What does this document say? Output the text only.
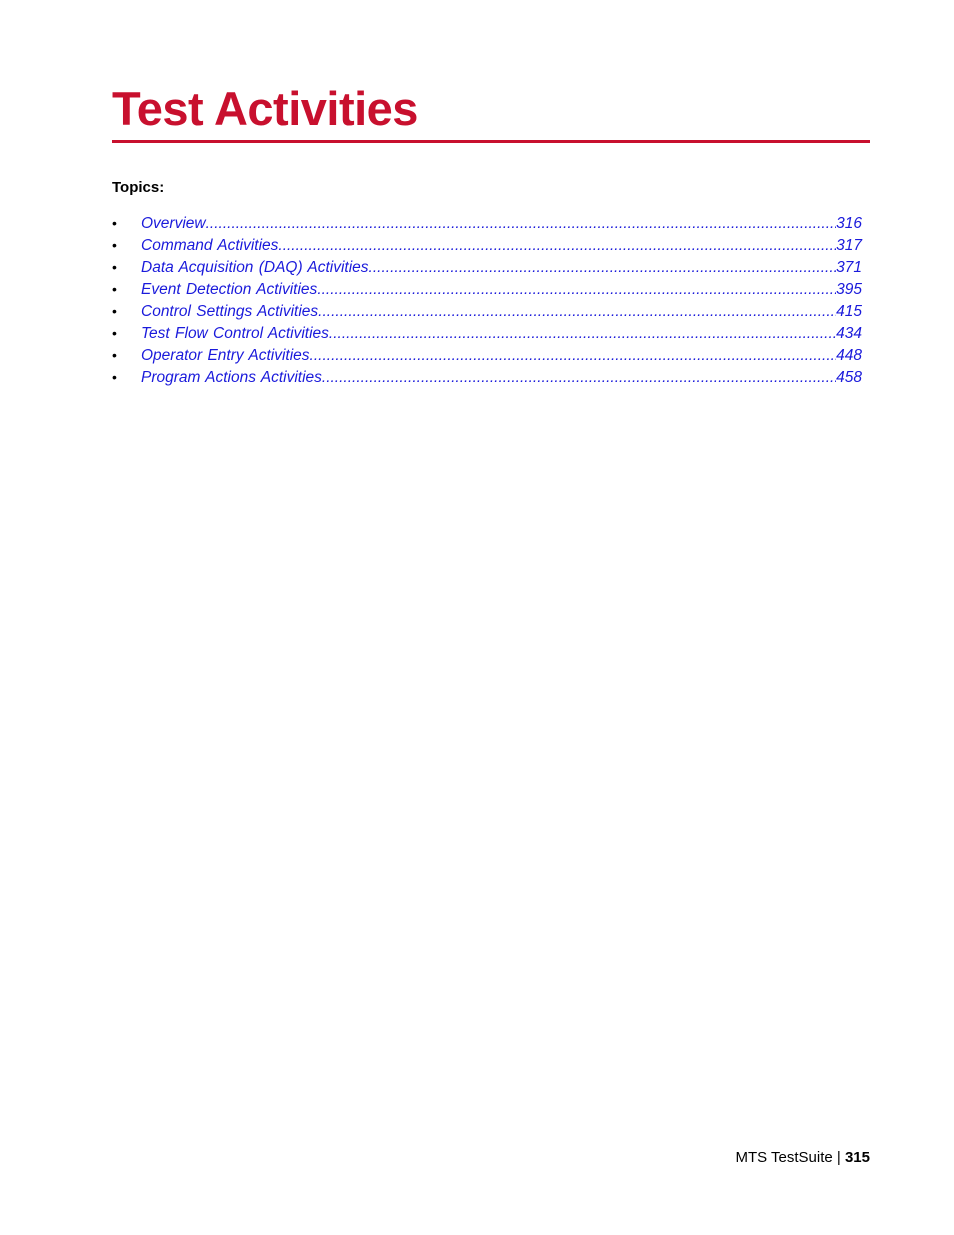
Test Activities
Topics:
•	Overview .....	316
•	Command Activities .....	317
•	Data Acquisition (DAQ) Activities .....	371
•	Event Detection Activities .....	395
•	Control Settings Activities .....	415
•	Test Flow Control Activities .....	434
•	Operator Entry Activities .....	448
•	Program Actions Activities .....	458
MTS TestSuite | 315
